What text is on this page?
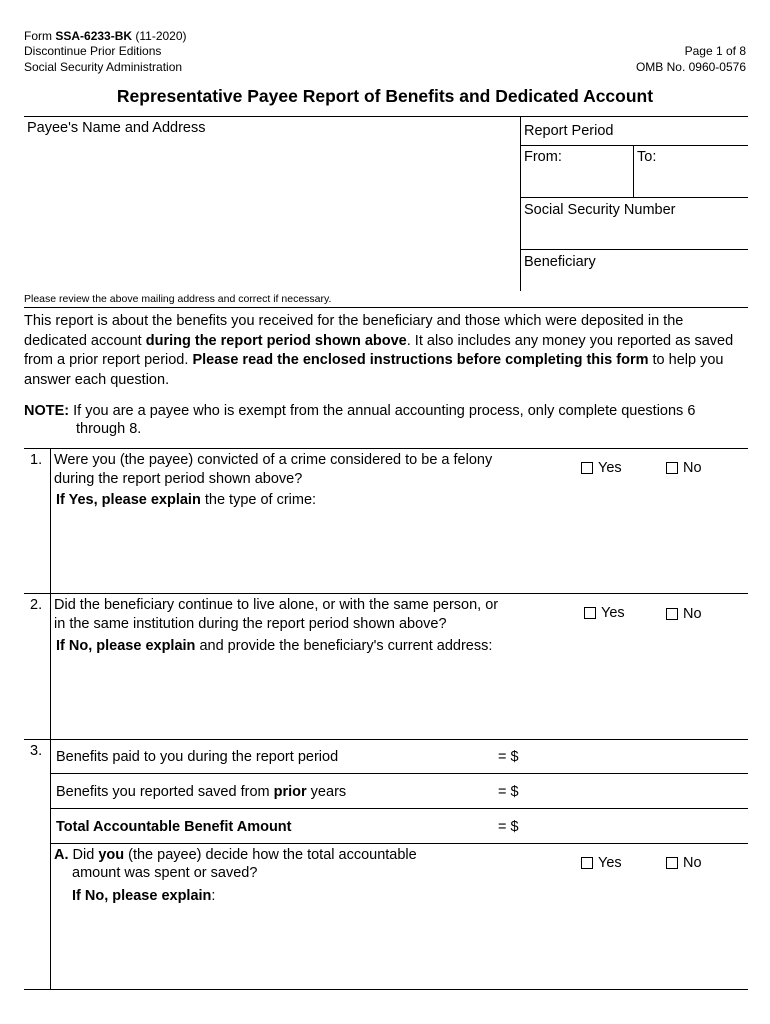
Form SSA-6233-BK (11-2020)
Discontinue Prior Editions
Social Security Administration
Page 1 of 8
OMB No. 0960-0576
Representative Payee Report of Benefits and Dedicated Account
Payee's Name and Address
Please review the above mailing address and correct if necessary.
Report Period
From:	To:
Social Security Number
Beneficiary
This report is about the benefits you received for the beneficiary and those which were deposited in the dedicated account during the report period shown above. It also includes any money you reported as saved from a prior report period. Please read the enclosed instructions before completing this form to help you answer each question.
NOTE: If you are a payee who is exempt from the annual accounting process, only complete questions 6
through 8.
1. Were you (the payee) convicted of a crime considered to be a felony
during the report period shown above?
If Yes, please explain the type of crime:
Yes	No
2. Did the beneficiary continue to live alone, or with the same person, or
in the same institution during the report period shown above?
If No, please explain and provide the beneficiary's current address:
Yes	No
3. Benefits paid to you during the report period	= $
Benefits you reported saved from prior years	= $
Total Accountable Benefit Amount	= $
A. Did you (the payee) decide how the total accountable
amount was spent or saved?
If No, please explain:
Yes	No
